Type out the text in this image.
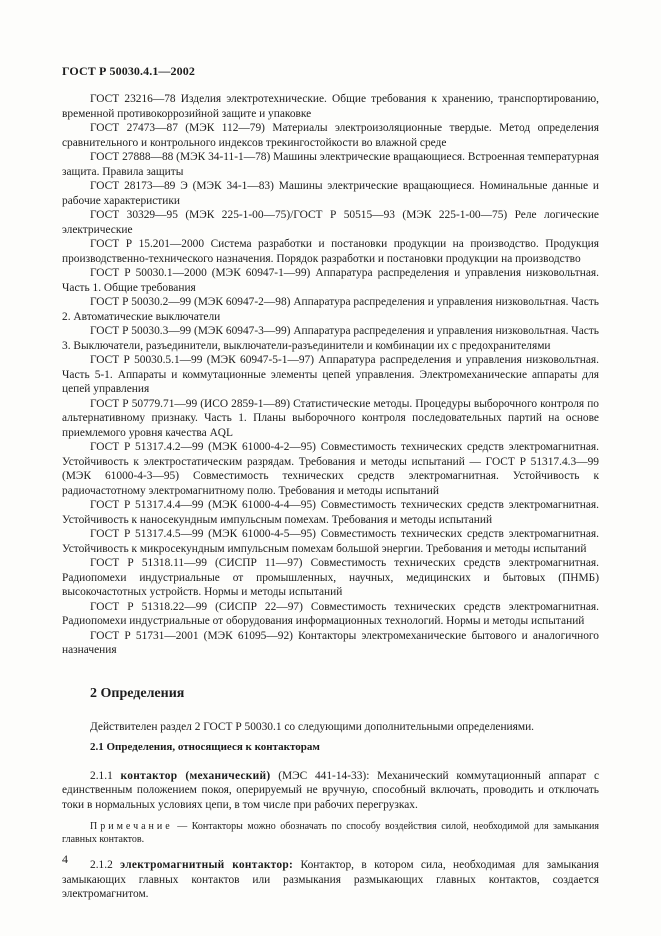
ГОСТ Р 50030.4.1—2002

ГОСТ 23216—78 Изделия электротехнические. Общие требования к хранению, транспортированию, временной противокоррозийной защите и упаковке

ГОСТ 27473—87 (МЭК 112—79) Материалы электроизоляционные твердые. Метод определения сравнительного и контрольного индексов трекингостойкости во влажной среде

ГОСТ 27888—88 (МЭК 34-11-1—78) Машины электрические вращающиеся. Встроенная температурная защита. Правила защиты

ГОСТ 28173—89 Э (МЭК 34-1—83) Машины электрические вращающиеся. Номинальные данные и рабочие характеристики

ГОСТ 30329—95 (МЭК 225-1-00—75)/ГОСТ Р 50515—93 (МЭК 225-1-00—75) Реле логические электрические

ГОСТ Р 15.201—2000 Система разработки и постановки продукции на производство. Продукция производственно-технического назначения. Порядок разработки и постановки продукции на производство

ГОСТ Р 50030.1—2000 (МЭК 60947-1—99) Аппаратура распределения и управления низковольтная. Часть 1. Общие требования

ГОСТ Р 50030.2—99 (МЭК 60947-2—98) Аппаратура распределения и управления низковольтная. Часть 2. Автоматические выключатели

ГОСТ Р 50030.3—99 (МЭК 60947-3—99) Аппаратура распределения и управления низковольтная. Часть 3. Выключатели, разъединители, выключатели-разъединители и комбинации их с предохранителями

ГОСТ Р 50030.5.1—99 (МЭК 60947-5-1—97) Аппаратура распределения и управления низковольтная. Часть 5-1. Аппараты и коммутационные элементы цепей управления. Электромеханические аппараты для цепей управления

ГОСТ Р 50779.71—99 (ИСО 2859-1—89) Статистические методы. Процедуры выборочного контроля по альтернативному признаку. Часть 1. Планы выборочного контроля последовательных партий на основе приемлемого уровня качества AQL

ГОСТ Р 51317.4.2—99 (МЭК 61000-4-2—95) Совместимость технических средств электромагнитная. Устойчивость к электростатическим разрядам. Требования и методы испытаний — ГОСТ Р 51317.4.3—99 (МЭК 61000-4-3—95) Совместимость технических средств электромагнитная. Устойчивость к радиочастотному электромагнитному полю. Требования и методы испытаний

ГОСТ Р 51317.4.4—99 (МЭК 61000-4-4—95) Совместимость технических средств электромагнитная. Устойчивость к наносекундным импульсным помехам. Требования и методы испытаний

ГОСТ Р 51317.4.5—99 (МЭК 61000-4-5—95) Совместимость технических средств электромагнитная. Устойчивость к микросекундным импульсным помехам большой энергии. Требования и методы испытаний

ГОСТ Р 51318.11—99 (СИСПР 11—97) Совместимость технических средств электромагнитная. Радиопомехи индустриальные от промышленных, научных, медицинских и бытовых (ПНМБ) высокочастотных устройств. Нормы и методы испытаний

ГОСТ Р 51318.22—99 (СИСПР 22—97) Совместимость технических средств электромагнитная. Радиопомехи индустриальные от оборудования информационных технологий. Нормы и методы испытаний

ГОСТ Р 51731—2001 (МЭК 61095—92) Контакторы электромеханические бытового и аналогичного назначения

2 Определения

Действителен раздел 2 ГОСТ Р 50030.1 со следующими дополнительными определениями.

2.1 Определения, относящиеся к контакторам

2.1.1 контактор (механический) (МЭС 441-14-33): Механический коммутационный аппарат с единственным положением покоя, оперируемый не вручную, способный включать, проводить и отключать токи в нормальных условиях цепи, в том числе при рабочих перегрузках.

Примечание — Контакторы можно обозначать по способу воздействия силой, необходимой для замыкания главных контактов.

2.1.2 электромагнитный контактор: Контактор, в котором сила, необходимая для замыкания замыкающих главных контактов или размыкания размыкающих главных контактов, создается электромагнитом.

4
